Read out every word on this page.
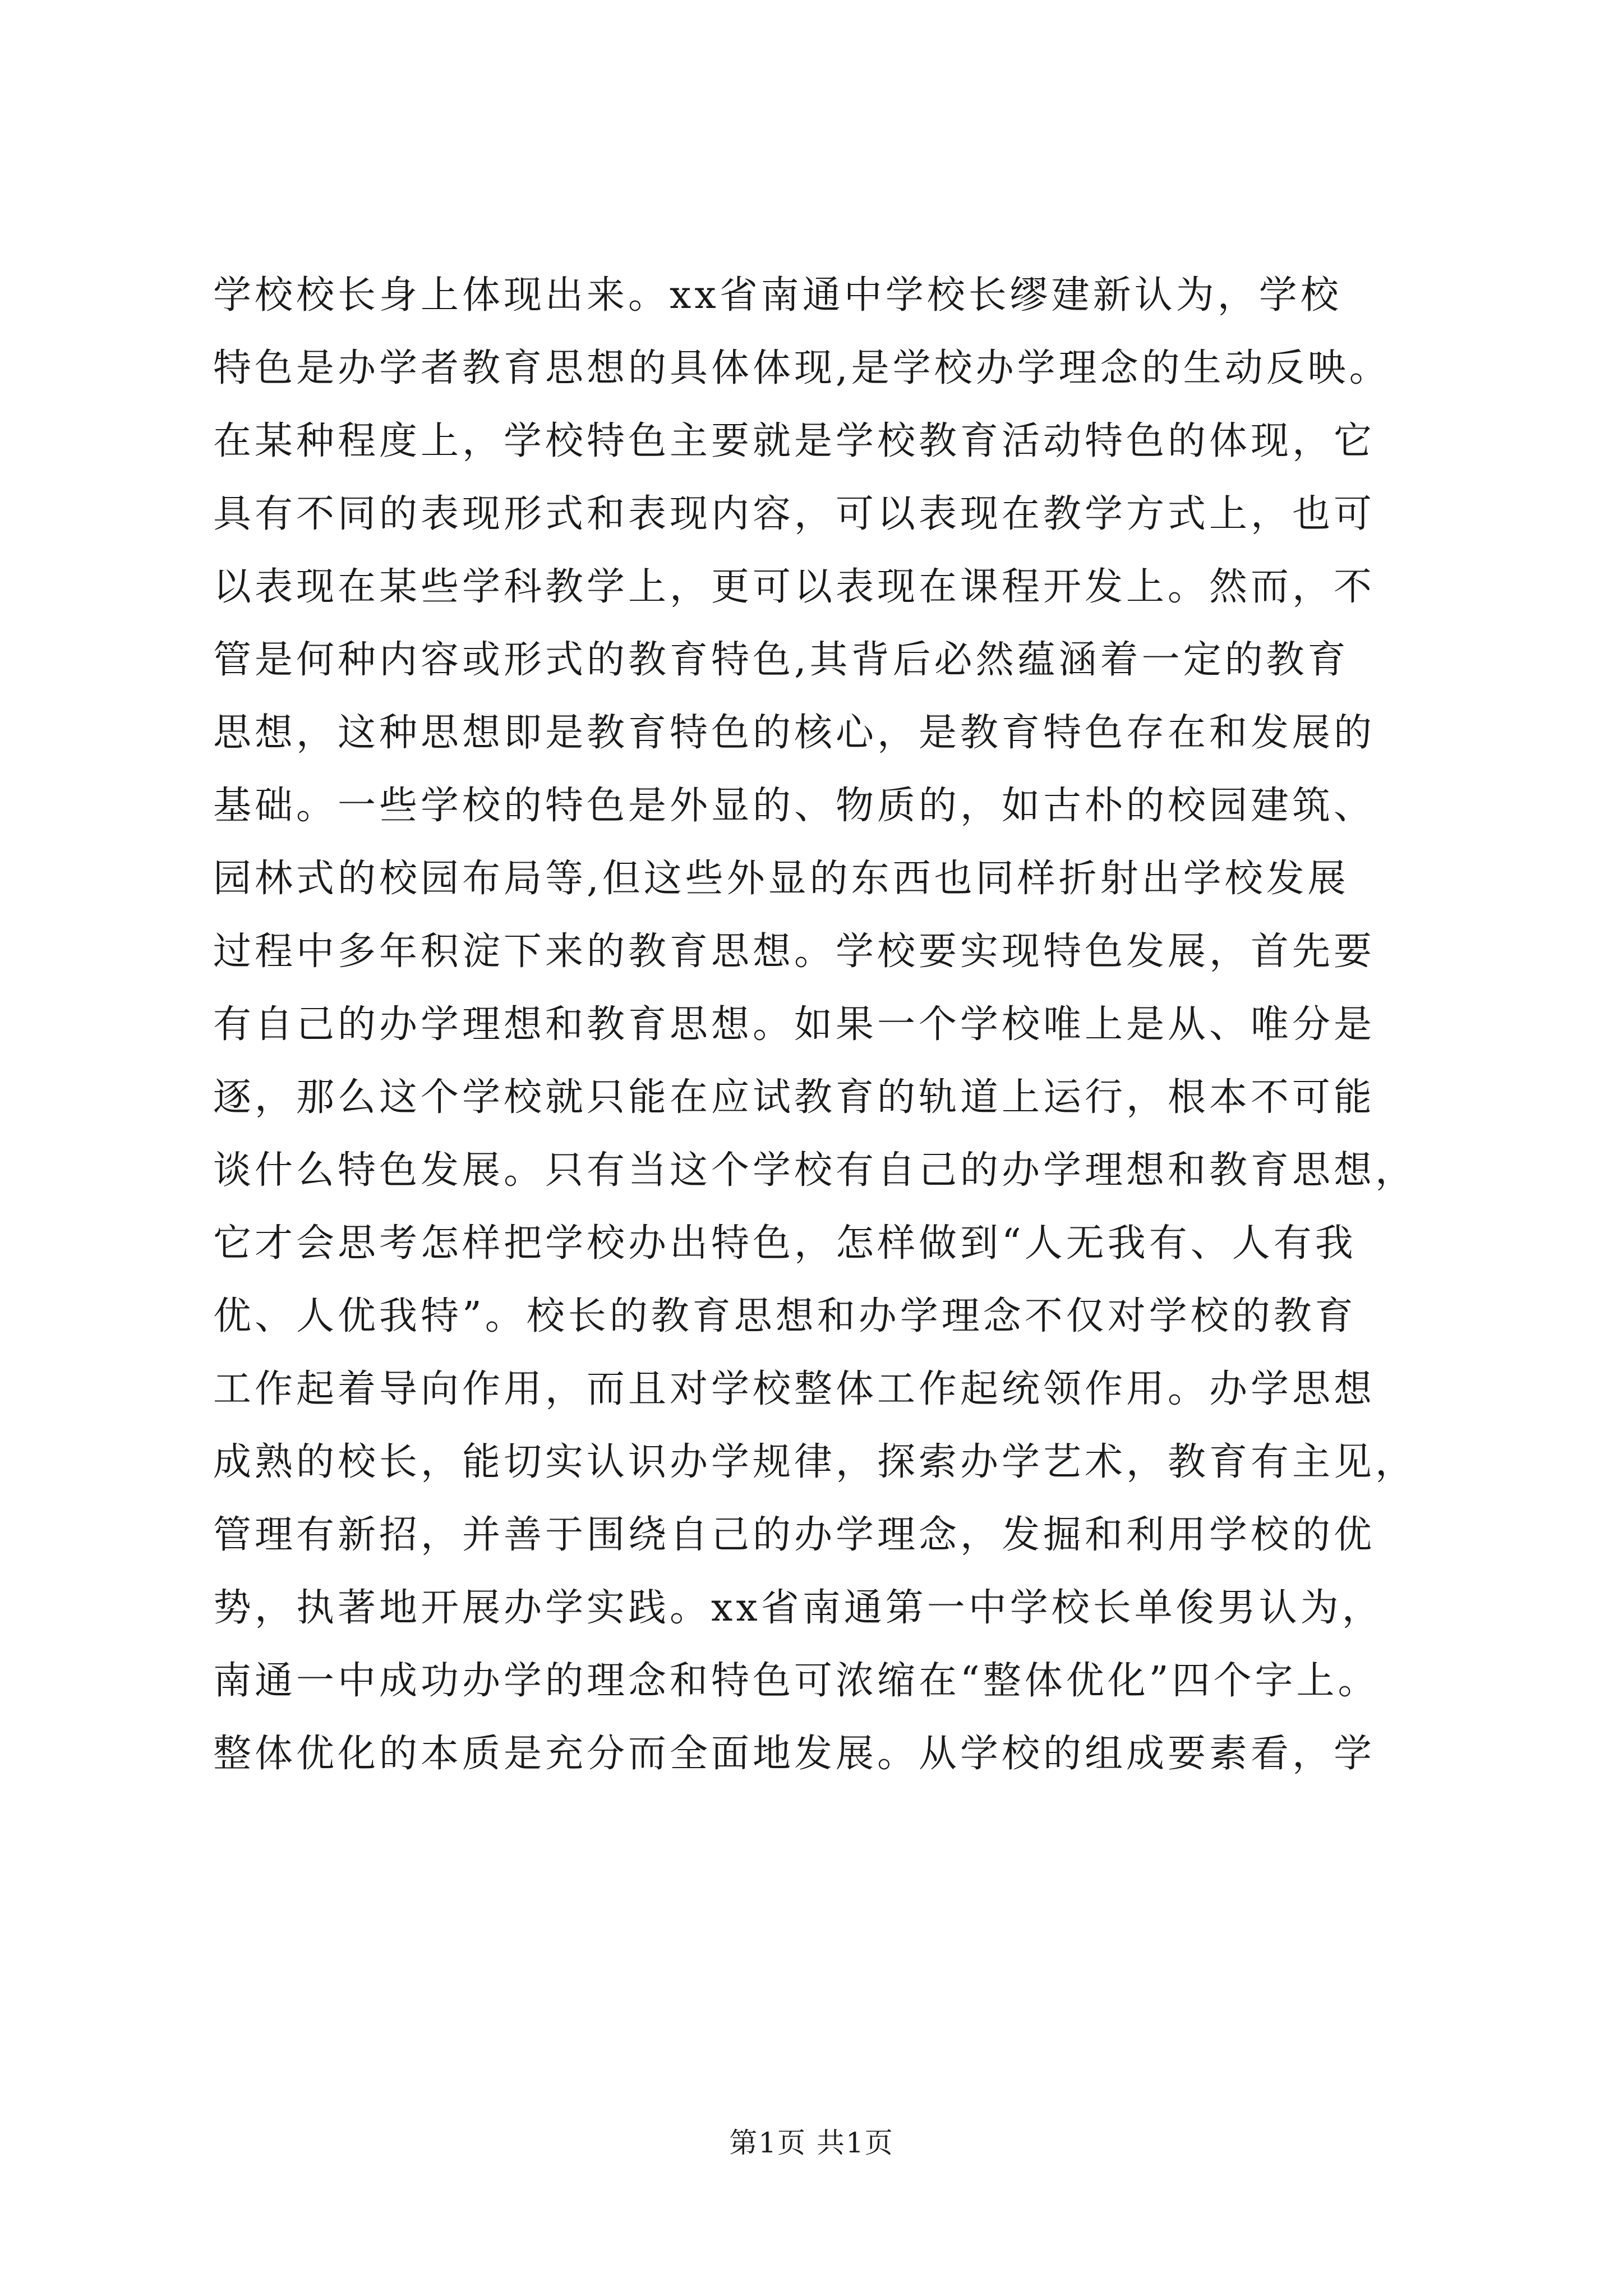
学校校长身上体现出来。xx省南通中学校长缪建新认为，学校
特色是办学者教育思想的具体体现,是学校办学理念的生动反映。
在某种程度上，学校特色主要就是学校教育活动特色的体现，它
具有不同的表现形式和表现内容，可以表现在教学方式上，也可
以表现在某些学科教学上，更可以表现在课程开发上。然而，不
管是何种内容或形式的教育特色,其背后必然蕴涵着一定的教育
思想，这种思想即是教育特色的核心，是教育特色存在和发展的
基础。一些学校的特色是外显的、物质的，如古朴的校园建筑、
园林式的校园布局等,但这些外显的东西也同样折射出学校发展
过程中多年积淀下来的教育思想。学校要实现特色发展，首先要
有自己的办学理想和教育思想。如果一个学校唯上是从、唯分是
逐，那么这个学校就只能在应试教育的轨道上运行，根本不可能
谈什么特色发展。只有当这个学校有自己的办学理想和教育思想，
它才会思考怎样把学校办出特色，怎样做到“人无我有、人有我
优、人优我特”。校长的教育思想和办学理念不仅对学校的教育
工作起着导向作用，而且对学校整体工作起统领作用。办学思想
成熟的校长，能切实认识办学规律，探索办学艺术，教育有主见，
管理有新招，并善于围绕自己的办学理念，发掘和利用学校的优
势，执著地开展办学实践。xx省南通第一中学校长单俊男认为，
南通一中成功办学的理念和特色可浓缩在“整体优化”四个字上。
整体优化的本质是充分而全面地发展。从学校的组成要素看，学
第1页 共1页
